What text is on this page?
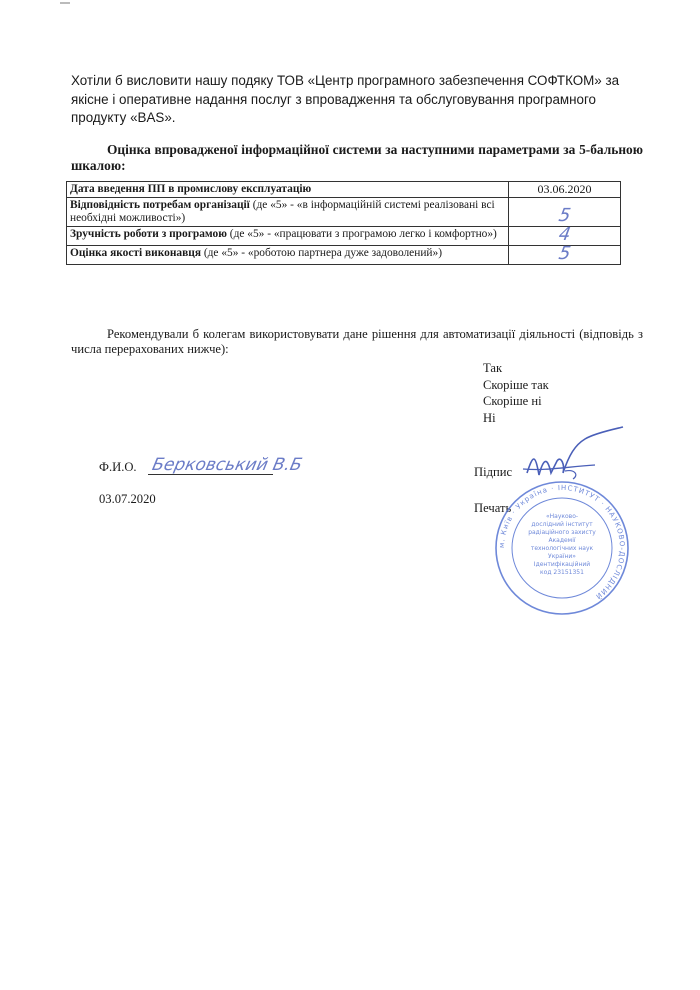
Хотіли б висловити нашу подяку ТОВ «Центр програмного забезпечення СОФТКОМ» за якісне і оперативне надання послуг з впровадження та обслуговування програмного продукту «BAS».
Оцінка впровадженої інформаційної системи за наступними параметрами за 5-бальною шкалою:
Дата введення ПП в промислову експлуатацію	03.06.2020
Відповідність потребам організації (де «5» - «в інформаційній системі реалізовані всі необхідні можливості»)	5
Зручність роботи з програмою (де «5» - «працювати з програмою легко і комфортно»)	4
Оцінка якості виконавця (де «5» - «роботою партнера дуже задоволений»)	5
Рекомендували б колегам використовувати дане рішення для автоматизації діяльності (відповідь з числа перерахованих нижче):
Так
Скоріше так
Скоріше ні
Ні
Ф.И.О. Берковський В.Б
03.07.2020
Підпис
Печать
м. Київ · Україна · ІНСТИТУТ · НАУКОВО-ДОСЛІДНИЙ
«Науково-
дослідний інститут
радіаційного захисту
Академії
технологічних наук
України»
Ідентифікаційний
код 23151351
